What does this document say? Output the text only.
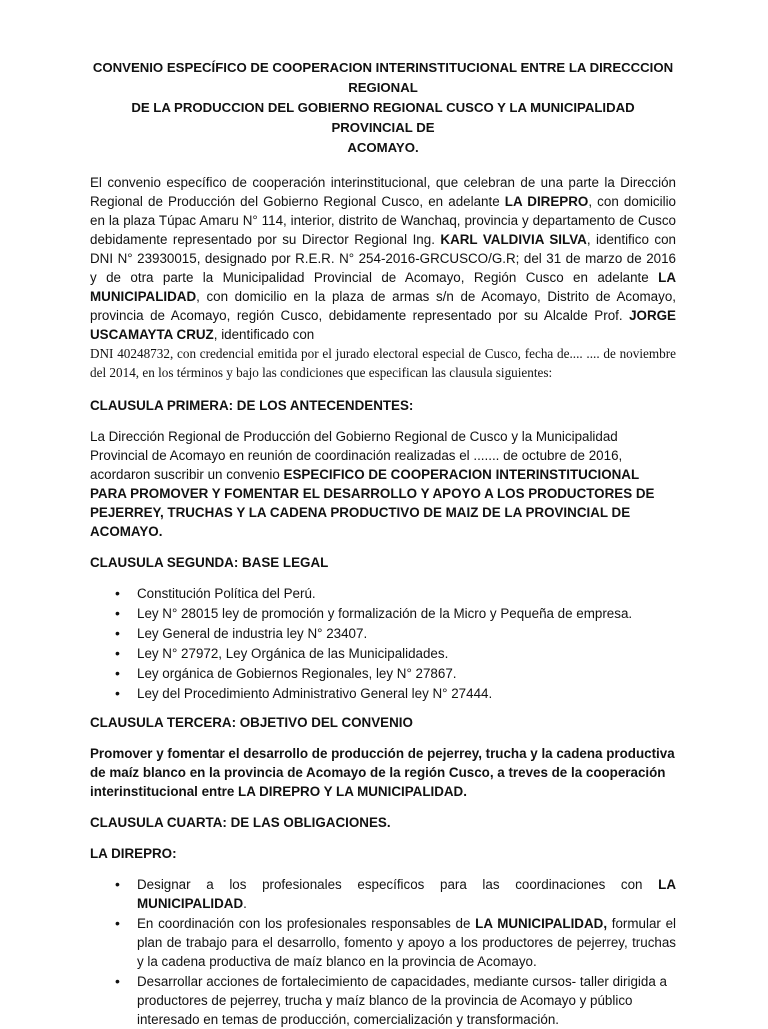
CONVENIO ESPECÍFICO DE COOPERACION INTERINSTITUCIONAL ENTRE LA DIRECCCION REGIONAL
DE LA PRODUCCION DEL GOBIERNO REGIONAL CUSCO Y LA MUNICIPALIDAD PROVINCIAL DE
ACOMAYO.

El convenio específico de cooperación interinstitucional, que celebran de una parte la Dirección Regional de Producción del Gobierno Regional Cusco, en adelante LA DIREPRO, con domicilio en la plaza Túpac Amaru N° 114, interior, distrito de Wanchaq, provincia y departamento de Cusco debidamente representado por su Director Regional Ing. KARL VALDIVIA SILVA, identifico con DNI N° 23930015, designado por R.E.R. N° 254-2016-GRCUSCO/G.R; del 31 de marzo de 2016 y de otra parte la Municipalidad Provincial de Acomayo, Región Cusco en adelante LA MUNICIPALIDAD, con domicilio en la plaza de armas s/n de Acomayo, Distrito de Acomayo, provincia de Acomayo, región Cusco, debidamente representado por su Alcalde Prof. JORGE USCAMAYTA CRUZ, identificado con

DNI 40248732, con credencial emitida por el jurado electoral especial de Cusco, fecha de.... .... de noviembre del 2014, en los términos y bajo las condiciones que especifican las clausula siguientes:

CLAUSULA PRIMERA: DE LOS ANTECENDENTES:

La Dirección Regional de Producción del Gobierno Regional de Cusco y la Municipalidad Provincial de Acomayo en reunión de coordinación realizadas el ....... de octubre de 2016, acordaron suscribir un convenio ESPECIFICO DE COOPERACION INTERINSTITUCIONAL PARA PROMOVER Y FOMENTAR EL DESARROLLO Y APOYO A LOS PRODUCTORES DE PEJERREY, TRUCHAS Y LA CADENA PRODUCTIVO DE MAIZ DE LA PROVINCIAL DE ACOMAYO.

CLAUSULA SEGUNDA: BASE LEGAL

• Constitución Política del Perú.
• Ley N° 28015 ley de promoción y formalización de la Micro y Pequeña de empresa.
• Ley General de industria ley N° 23407.
• Ley N° 27972, Ley Orgánica de las Municipalidades.
• Ley orgánica de Gobiernos Regionales, ley N° 27867.
• Ley del Procedimiento Administrativo General ley N° 27444.

CLAUSULA TERCERA: OBJETIVO DEL CONVENIO

Promover y fomentar el desarrollo de producción de pejerrey, trucha y la cadena productiva de maíz blanco en la provincia de Acomayo de la región Cusco, a treves de la cooperación interinstitucional entre LA DIREPRO Y LA MUNICIPALIDAD.

CLAUSULA CUARTA: DE LAS OBLIGACIONES.

LA DIREPRO:

• Designar a los profesionales específicos para las coordinaciones con LA MUNICIPALIDAD.
• En coordinación con los profesionales responsables de LA MUNICIPALIDAD, formular el plan de trabajo para el desarrollo, fomento y apoyo a los productores de pejerrey, truchas y la cadena productiva de maíz blanco en la provincia de Acomayo.
• Desarrollar acciones de fortalecimiento de capacidades, mediante cursos- taller dirigida a productores de pejerrey, trucha y maíz blanco de la provincia de Acomayo y público interesado en temas de producción, comercialización y transformación.
